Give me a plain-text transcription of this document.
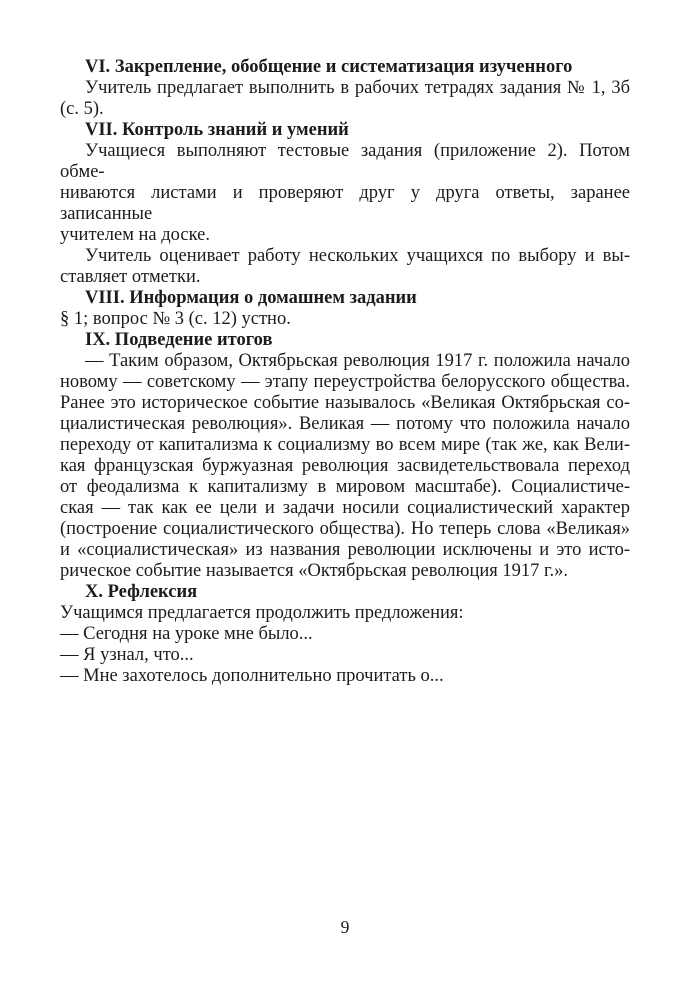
VI. Закрепление, обобщение и систематизация изученного
Учитель предлагает выполнить в рабочих тетрадях задания № 1, 3б
(с. 5).
VII. Контроль знаний и умений
Учащиеся выполняют тестовые задания (приложение 2). Потом обме-
ниваются листами и проверяют друг у друга ответы, заранее записанные
учителем на доске.
Учитель оценивает работу нескольких учащихся по выбору и вы-
ставляет отметки.
VIII. Информация о домашнем задании
§ 1; вопрос № 3 (с. 12) устно.
IX. Подведение итогов
— Таким образом, Октябрьская революция 1917 г. положила начало
новому — советскому — этапу переустройства белорусского общества.
Ранее это историческое событие называлось «Великая Октябрьская со-
циалистическая революция». Великая — потому что положила начало
переходу от капитализма к социализму во всем мире (так же, как Вели-
кая французская буржуазная революция засвидетельствовала переход
от феодализма к капитализму в мировом масштабе). Социалистиче-
ская — так как ее цели и задачи носили социалистический характер
(построение социалистического общества). Но теперь слова «Великая»
и «социалистическая» из названия революции исключены и это исто-
рическое событие называется «Октябрьская революция 1917 г.».
X. Рефлексия
Учащимся предлагается продолжить предложения:
— Сегодня на уроке мне было...
— Я узнал, что...
— Мне захотелось дополнительно прочитать о...
9
